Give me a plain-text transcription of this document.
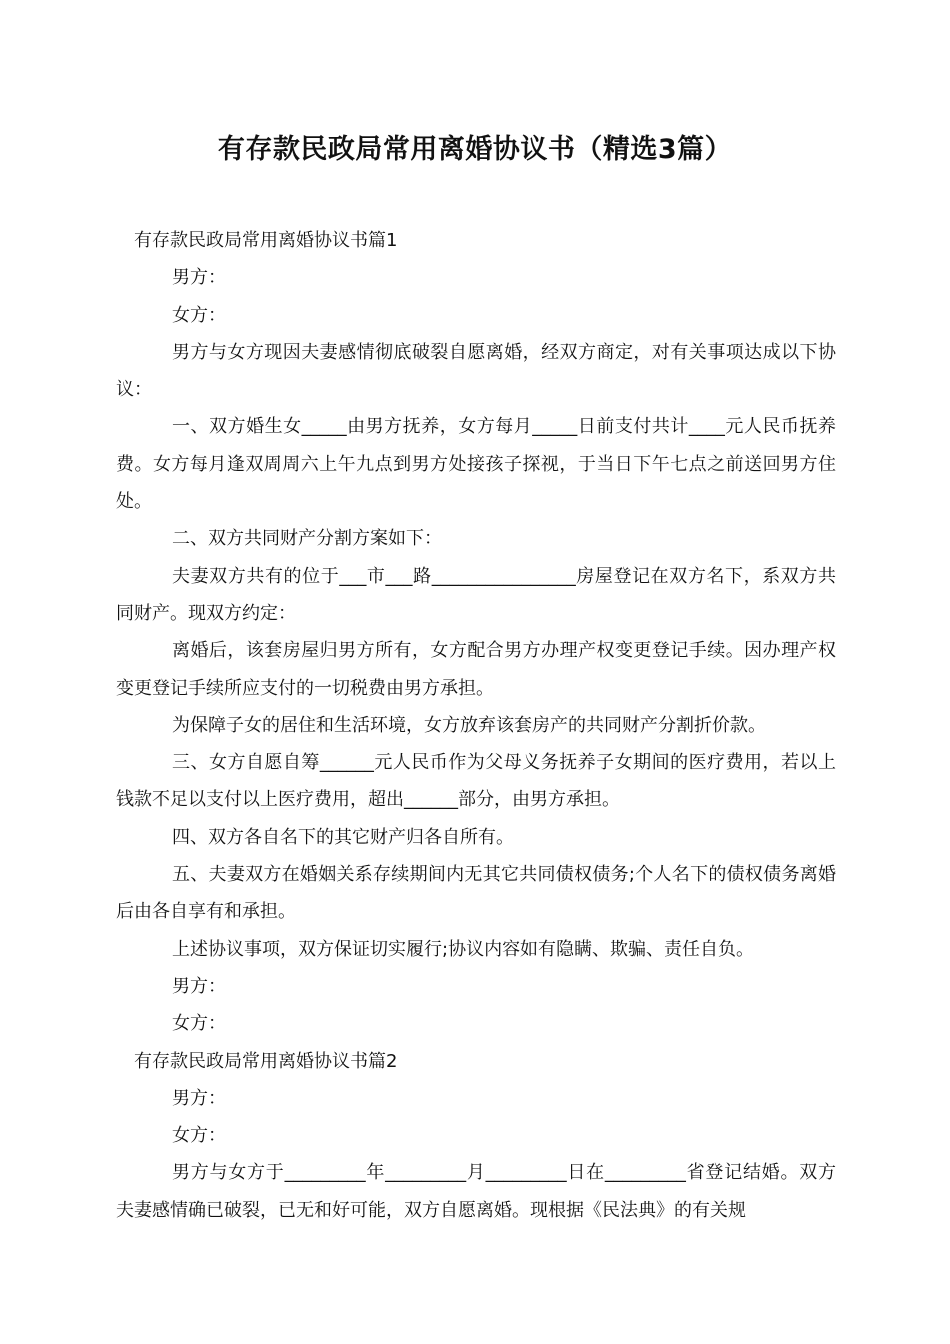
有存款民政局常用离婚协议书（精选3篇）

有存款民政局常用离婚协议书篇1

男方：

女方：

男方与女方现因夫妻感情彻底破裂自愿离婚，经双方商定，对有关事项达成以下协议：

一、双方婚生女_____由男方抚养，女方每月_____日前支付共计____元人民币抚养费。女方每月逢双周周六上午九点到男方处接孩子探视，于当日下午七点之前送回男方住处。

二、双方共同财产分割方案如下：

夫妻双方共有的位于___市___路________________房屋登记在双方名下，系双方共同财产。现双方约定：

离婚后，该套房屋归男方所有，女方配合男方办理产权变更登记手续。因办理产权变更登记手续所应支付的一切税费由男方承担。

为保障子女的居住和生活环境，女方放弃该套房产的共同财产分割折价款。

三、女方自愿自筹______元人民币作为父母义务抚养子女期间的医疗费用，若以上钱款不足以支付以上医疗费用，超出______部分，由男方承担。

四、双方各自名下的其它财产归各自所有。

五、夫妻双方在婚姻关系存续期间内无其它共同债权债务;个人名下的债权债务离婚后由各自享有和承担。

上述协议事项，双方保证切实履行;协议内容如有隐瞒、欺骗、责任自负。

男方：

女方：

有存款民政局常用离婚协议书篇2

男方：

女方：

男方与女方于_________年_________月_________日在_________省登记结婚。双方夫妻感情确已破裂，已无和好可能，双方自愿离婚。现根据《民法典》的有关规
